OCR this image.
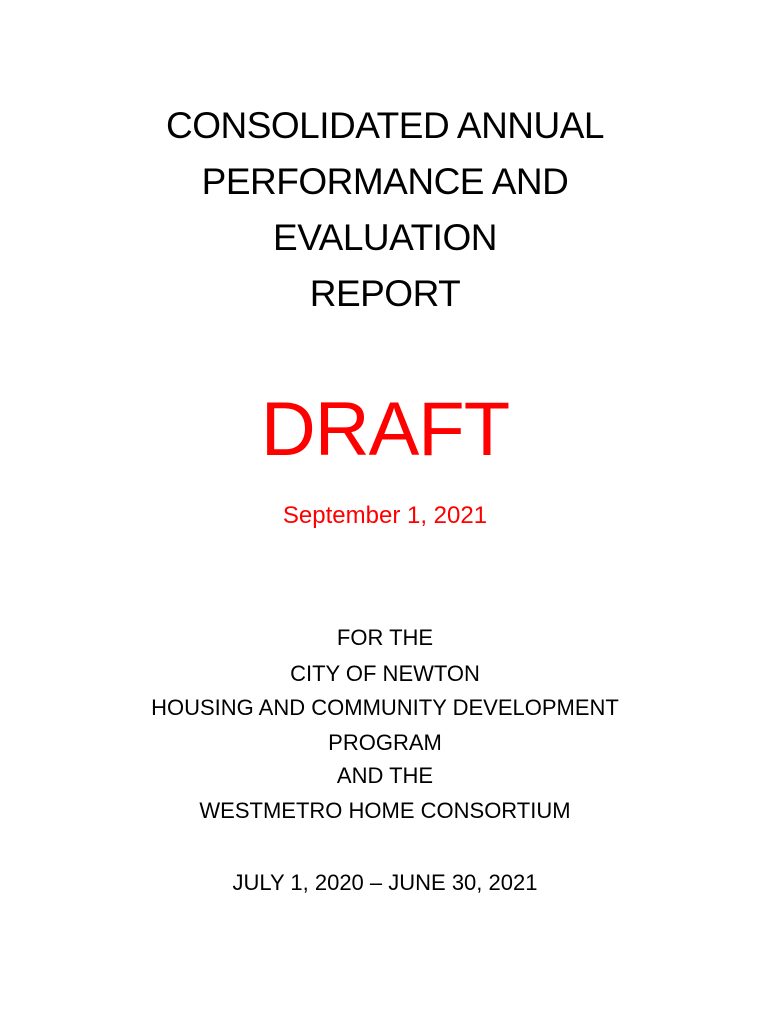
CONSOLIDATED ANNUAL
PERFORMANCE AND
EVALUATION
REPORT
DRAFT
September 1, 2021
FOR THE
CITY OF NEWTON
HOUSING AND COMMUNITY DEVELOPMENT
PROGRAM
AND THE
WESTMETRO HOME CONSORTIUM
JULY 1, 2020 – JUNE 30, 2021
